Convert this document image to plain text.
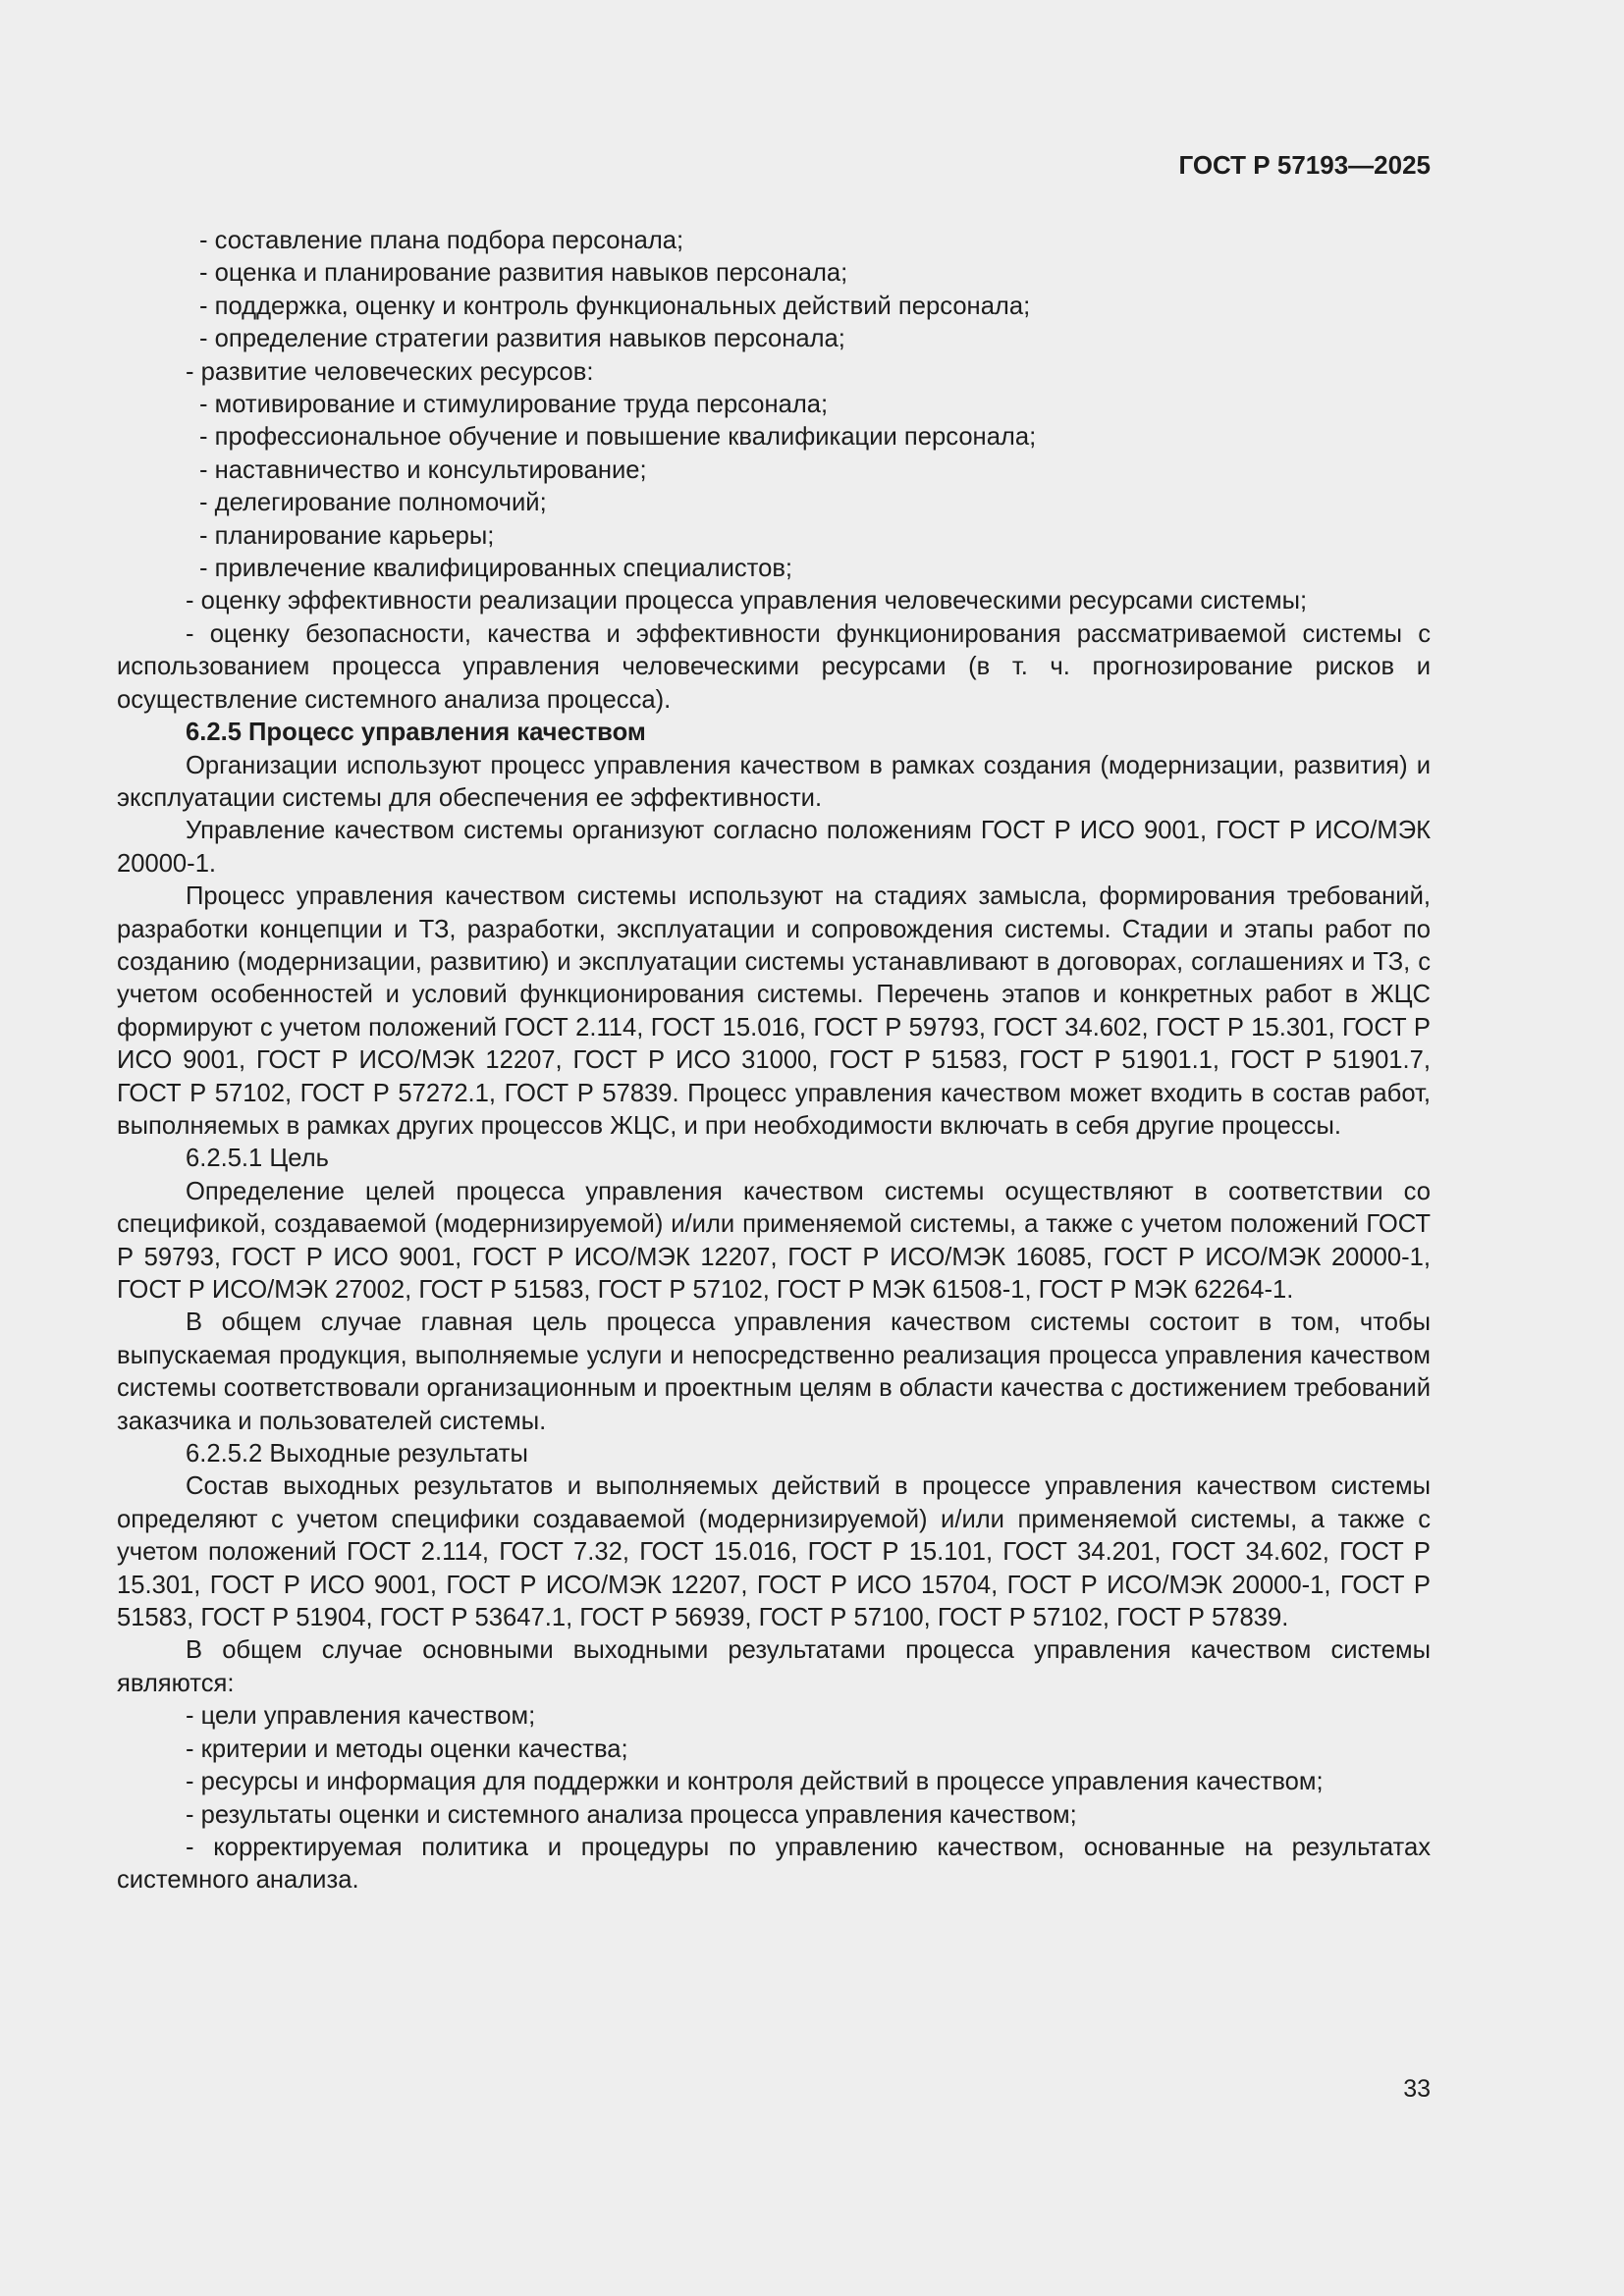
ГОСТ Р 57193—2025

- составление плана подбора персонала;

- оценка и планирование развития навыков персонала;

- поддержка, оценку и контроль функциональных действий персонала;

- определение стратегии развития навыков персонала;

- развитие человеческих ресурсов:

- мотивирование и стимулирование труда персонала;

- профессиональное обучение и повышение квалификации персонала;

- наставничество и консультирование;

- делегирование полномочий;

- планирование карьеры;

- привлечение квалифицированных специалистов;

- оценку эффективности реализации процесса управления человеческими ресурсами системы;

- оценку безопасности, качества и эффективности функционирования рассматриваемой системы с использованием процесса управления человеческими ресурсами (в т. ч. прогнозирование рисков и осуществление системного анализа процесса).

6.2.5 Процесс управления качеством

Организации используют процесс управления качеством в рамках создания (модернизации, развития) и эксплуатации системы для обеспечения ее эффективности.

Управление качеством системы организуют согласно положениям ГОСТ Р ИСО 9001, ГОСТ Р ИСО/МЭК 20000-1.

Процесс управления качеством системы используют на стадиях замысла, формирования требований, разработки концепции и ТЗ, разработки, эксплуатации и сопровождения системы. Стадии и этапы работ по созданию (модернизации, развитию) и эксплуатации системы устанавливают в договорах, соглашениях и ТЗ, с учетом особенностей и условий функционирования системы. Перечень этапов и конкретных работ в ЖЦС формируют с учетом положений ГОСТ 2.114, ГОСТ 15.016, ГОСТ Р 59793, ГОСТ 34.602, ГОСТ Р 15.301, ГОСТ Р ИСО 9001, ГОСТ Р ИСО/МЭК 12207, ГОСТ Р ИСО 31000, ГОСТ Р 51583, ГОСТ Р 51901.1, ГОСТ Р 51901.7, ГОСТ Р 57102, ГОСТ Р 57272.1, ГОСТ Р 57839. Процесс управления качеством может входить в состав работ, выполняемых в рамках других процессов ЖЦС, и при необходимости включать в себя другие процессы.

6.2.5.1 Цель

Определение целей процесса управления качеством системы осуществляют в соответствии со спецификой, создаваемой (модернизируемой) и/или применяемой системы, а также с учетом положений ГОСТ Р 59793, ГОСТ Р ИСО 9001, ГОСТ Р ИСО/МЭК 12207, ГОСТ Р ИСО/МЭК 16085, ГОСТ Р ИСО/МЭК 20000-1, ГОСТ Р ИСО/МЭК 27002, ГОСТ Р 51583, ГОСТ Р 57102, ГОСТ Р МЭК 61508-1, ГОСТ Р МЭК 62264-1.

В общем случае главная цель процесса управления качеством системы состоит в том, чтобы выпускаемая продукция, выполняемые услуги и непосредственно реализация процесса управления качеством системы соответствовали организационным и проектным целям в области качества с достижением требований заказчика и пользователей системы.

6.2.5.2 Выходные результаты

Состав выходных результатов и выполняемых действий в процессе управления качеством системы определяют с учетом специфики создаваемой (модернизируемой) и/или применяемой системы, а также с учетом положений ГОСТ 2.114, ГОСТ 7.32, ГОСТ 15.016, ГОСТ Р 15.101, ГОСТ 34.201, ГОСТ 34.602, ГОСТ Р 15.301, ГОСТ Р ИСО 9001, ГОСТ Р ИСО/МЭК 12207, ГОСТ Р ИСО 15704, ГОСТ Р ИСО/МЭК 20000-1, ГОСТ Р 51583, ГОСТ Р 51904, ГОСТ Р 53647.1, ГОСТ Р 56939, ГОСТ Р 57100, ГОСТ Р 57102, ГОСТ Р 57839.

В общем случае основными выходными результатами процесса управления качеством системы являются:

- цели управления качеством;

- критерии и методы оценки качества;

- ресурсы и информация для поддержки и контроля действий в процессе управления качеством;

- результаты оценки и системного анализа процесса управления качеством;

- корректируемая политика и процедуры по управлению качеством, основанные на результатах системного анализа.

33
